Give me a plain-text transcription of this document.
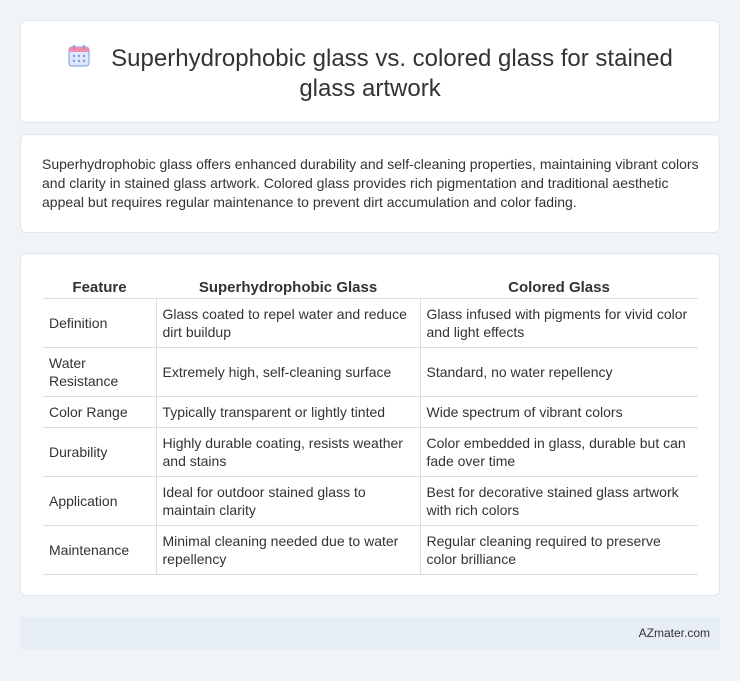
Superhydrophobic glass vs. colored glass for stained glass artwork

Superhydrophobic glass offers enhanced durability and self-cleaning properties, maintaining vibrant colors and clarity in stained glass artwork. Colored glass provides rich pigmentation and traditional aesthetic appeal but requires regular maintenance to prevent dirt accumulation and color fading.

Feature	Superhydrophobic Glass	Colored Glass
Definition	Glass coated to repel water and reduce dirt buildup	Glass infused with pigments for vivid color and light effects
Water Resistance	Extremely high, self-cleaning surface	Standard, no water repellency
Color Range	Typically transparent or lightly tinted	Wide spectrum of vibrant colors
Durability	Highly durable coating, resists weather and stains	Color embedded in glass, durable but can fade over time
Application	Ideal for outdoor stained glass to maintain clarity	Best for decorative stained glass artwork with rich colors
Maintenance	Minimal cleaning needed due to water repellency	Regular cleaning required to preserve color brilliance
AZmater.com
